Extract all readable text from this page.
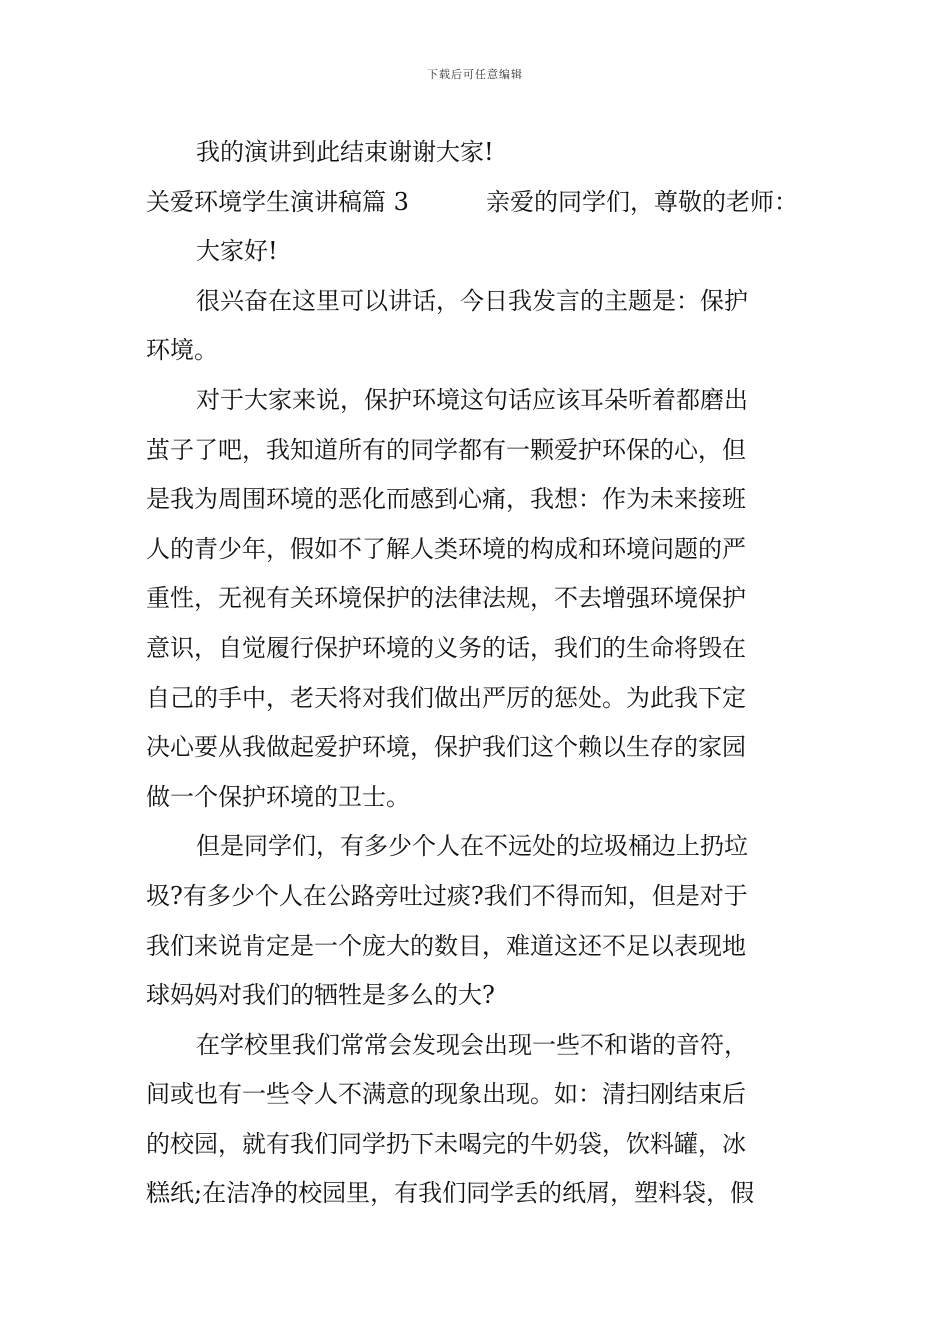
下载后可任意编辑
我的演讲到此结束谢谢大家!
关爱环境学生演讲稿篇 3	亲爱的同学们，尊敬的老师：
大家好!
很兴奋在这里可以讲话，今日我发言的主题是：保护
环境。
对于大家来说，保护环境这句话应该耳朵听着都磨出
茧子了吧，我知道所有的同学都有一颗爱护环保的心，但
是我为周围环境的恶化而感到心痛，我想：作为未来接班
人的青少年，假如不了解人类环境的构成和环境问题的严
重性，无视有关环境保护的法律法规，不去增强环境保护
意识，自觉履行保护环境的义务的话，我们的生命将毁在
自己的手中，老天将对我们做出严厉的惩处。为此我下定
决心要从我做起爱护环境，保护我们这个赖以生存的家园
做一个保护环境的卫士。
但是同学们，有多少个人在不远处的垃圾桶边上扔垃
圾?有多少个人在公路旁吐过痰?我们不得而知，但是对于
我们来说肯定是一个庞大的数目，难道这还不足以表现地
球妈妈对我们的牺牲是多么的大?
在学校里我们常常会发现会出现一些不和谐的音符，
间或也有一些令人不满意的现象出现。如：清扫刚结束后
的校园，就有我们同学扔下未喝完的牛奶袋，饮料罐，冰
糕纸;在洁净的校园里，有我们同学丢的纸屑，塑料袋，假
